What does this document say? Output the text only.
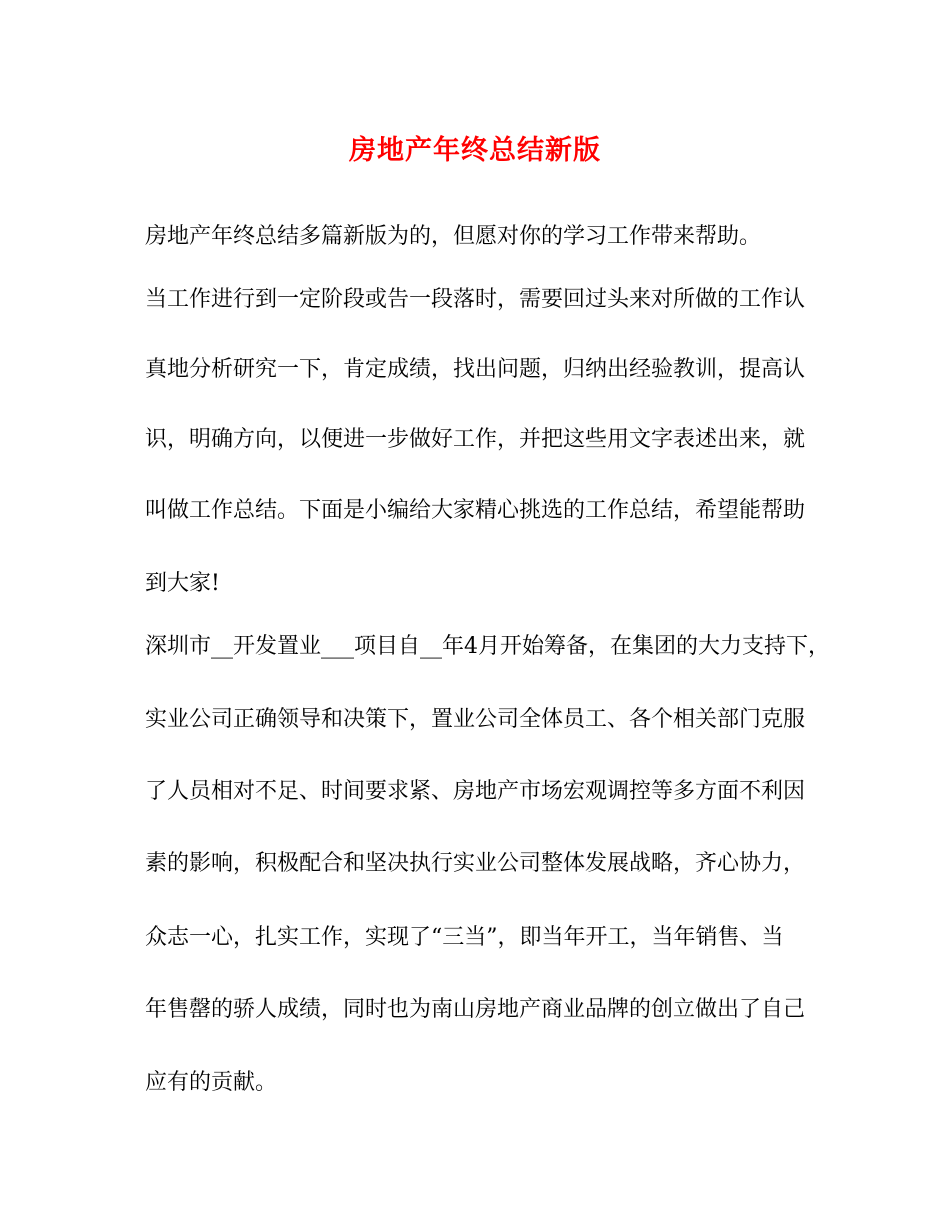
房地产年终总结新版
房地产年终总结多篇新版为的，但愿对你的学习工作带来帮助。
当工作进行到一定阶段或告一段落时，需要回过头来对所做的工作认
真地分析研究一下，肯定成绩，找出问题，归纳出经验教训，提高认
识，明确方向，以便进一步做好工作，并把这些用文字表述出来，就
叫做工作总结。下面是小编给大家精心挑选的工作总结，希望能帮助
到大家!
深圳市__开发置业___项目自__年4月开始筹备，在集团的大力支持下，
实业公司正确领导和决策下，置业公司全体员工、各个相关部门克服
了人员相对不足、时间要求紧、房地产市场宏观调控等多方面不利因
素的影响，积极配合和坚决执行实业公司整体发展战略，齐心协力，
众志一心，扎实工作，实现了“三当”，即当年开工，当年销售、当
年售罄的骄人成绩，同时也为南山房地产商业品牌的创立做出了自己
应有的贡献。
